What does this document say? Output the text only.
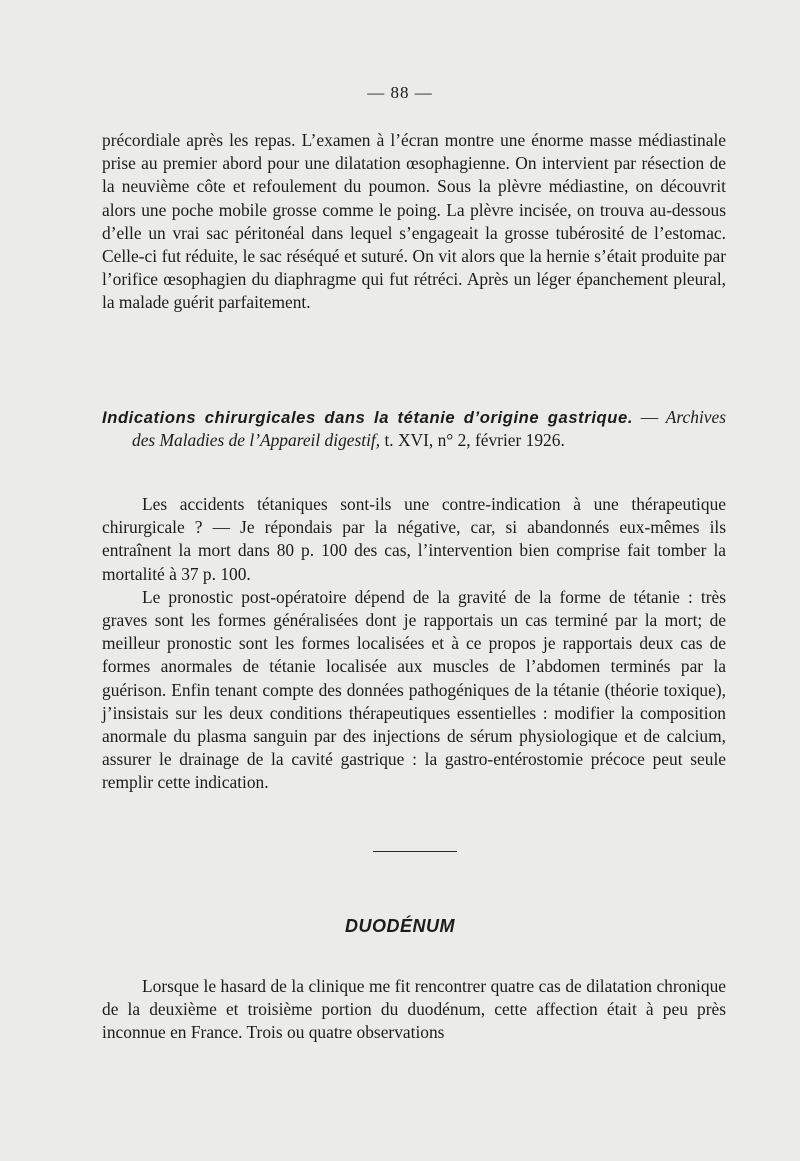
— 88 —

précordiale après les repas. L’examen à l’écran montre une énorme masse médiastinale prise au premier abord pour une dilatation œsophagienne. On intervient par résection de la neuvième côte et refoulement du poumon. Sous la plèvre médiastine, on découvrit alors une poche mobile grosse comme le poing. La plèvre incisée, on trouva au-dessous d’elle un vrai sac péritonéal dans lequel s’engageait la grosse tubérosité de l’estomac. Celle-ci fut réduite, le sac réséqué et suturé. On vit alors que la hernie s’était produite par l’orifice œsophagien du diaphragme qui fut rétréci. Après un léger épanchement pleural, la malade guérit parfaitement.

Indications chirurgicales dans la tétanie d’origine gastrique. — Archives des Maladies de l’Appareil digestif, t. XVI, n° 2, février 1926.

Les accidents tétaniques sont-ils une contre-indication à une thérapeutique chirurgicale ? — Je répondais par la négative, car, si abandonnés eux-mêmes ils entraînent la mort dans 80 p. 100 des cas, l’intervention bien comprise fait tomber la mortalité à 37 p. 100.

Le pronostic post-opératoire dépend de la gravité de la forme de tétanie : très graves sont les formes généralisées dont je rapportais un cas terminé par la mort; de meilleur pronostic sont les formes localisées et à ce propos je rapportais deux cas de formes anormales de tétanie localisée aux muscles de l’abdomen terminés par la guérison. Enfin tenant compte des données pathogéniques de la tétanie (théorie toxique), j’insistais sur les deux conditions thérapeutiques essentielles : modifier la composition anormale du plasma sanguin par des injections de sérum physiologique et de calcium, assurer le drainage de la cavité gastrique : la gastro-entérostomie précoce peut seule remplir cette indication.

DUODÉNUM

Lorsque le hasard de la clinique me fit rencontrer quatre cas de dilatation chronique de la deuxième et troisième portion du duodénum, cette affection était à peu près inconnue en France. Trois ou quatre observations
